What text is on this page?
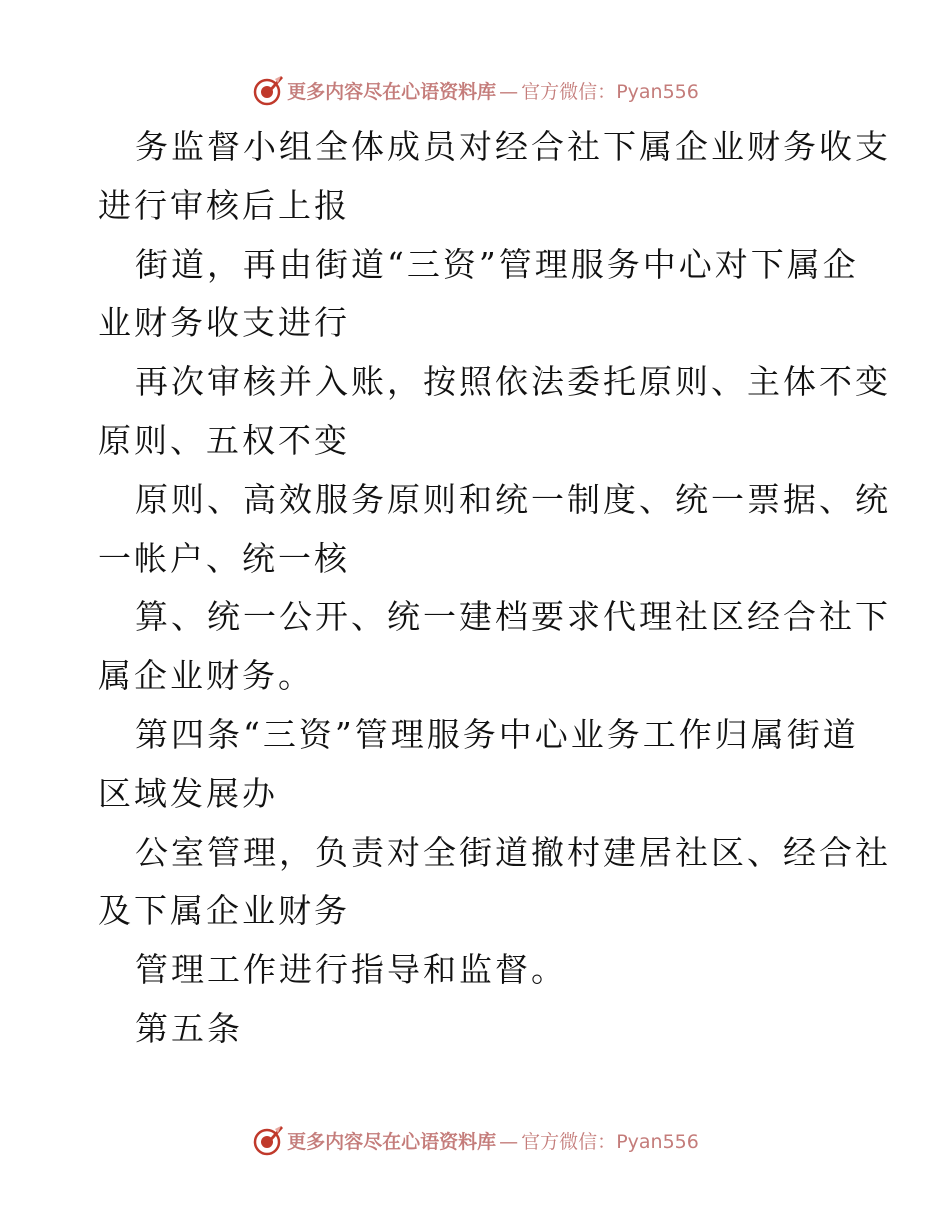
更多内容尽在心语资料库 — 官方微信：Pyan556
务监督小组全体成员对经合社下属企业财务收支
进行审核后上报
街道，再由街道“三资”管理服务中心对下属企
业财务收支进行
再次审核并入账，按照依法委托原则、主体不变
原则、五权不变
原则、高效服务原则和统一制度、统一票据、统
一帐户、统一核
算、统一公开、统一建档要求代理社区经合社下
属企业财务。
第四条“三资”管理服务中心业务工作归属街道
区域发展办
公室管理，负责对全街道撤村建居社区、经合社
及下属企业财务
管理工作进行指导和监督。
第五条
更多内容尽在心语资料库 — 官方微信：Pyan556
